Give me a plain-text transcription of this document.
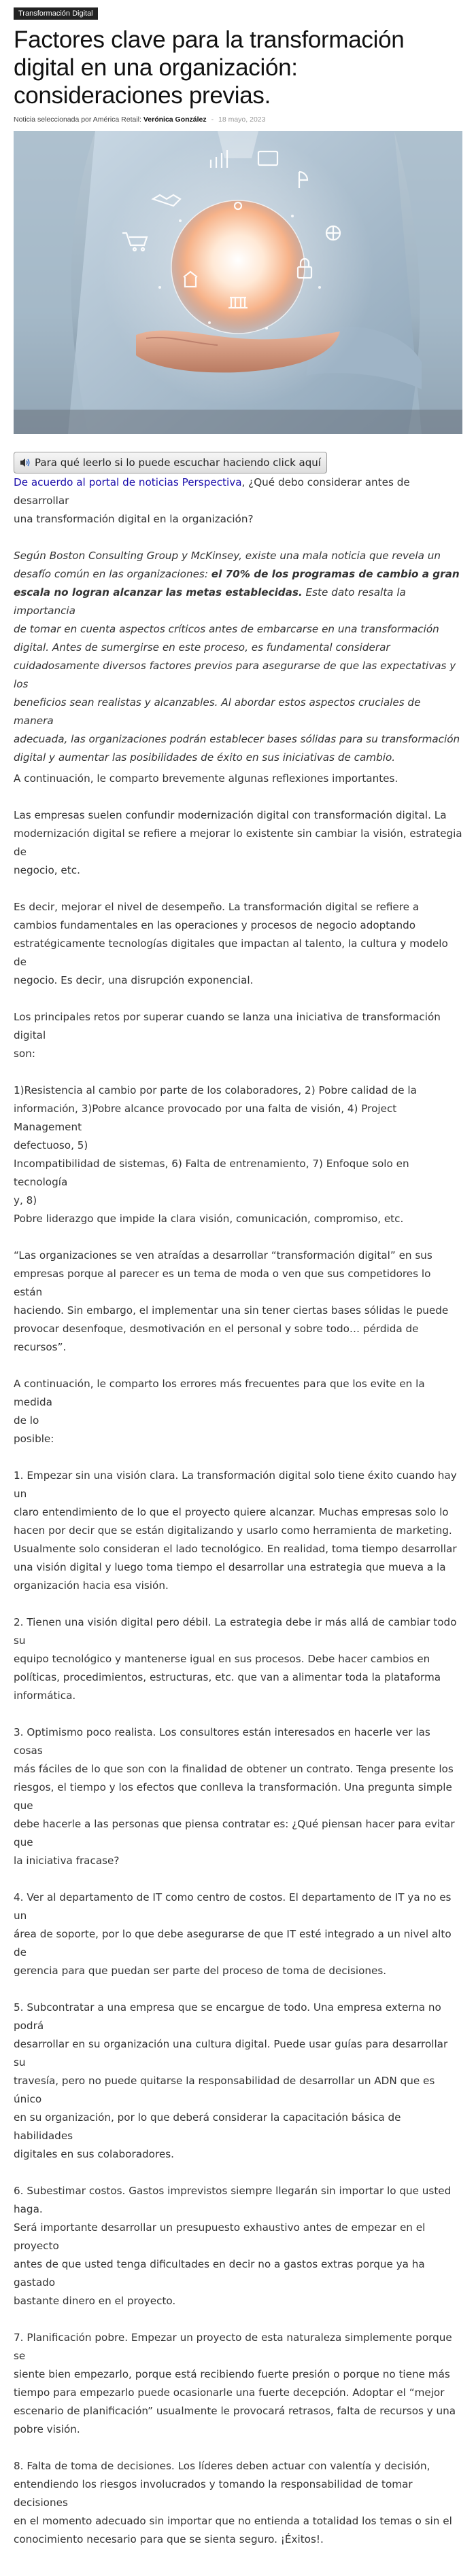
Transformación Digital
Factores clave para la transformación digital en una organización: consideraciones previas.
Noticia seleccionada por América Retail: Verónica González - 18 mayo, 2023
Para qué leerlo si lo puede escuchar haciendo click aquí

De acuerdo al portal de noticias Perspectiva, ¿Qué debo considerar antes de desarrollar

una transformación digital en la organización?

Según Boston Consulting Group y McKinsey, existe una mala noticia que revela un

desafío común en las organizaciones: el 70% de los programas de cambio a gran

escala no logran alcanzar las metas establecidas. Este dato resalta la importancia

de tomar en cuenta aspectos críticos antes de embarcarse en una transformación

digital. Antes de sumergirse en este proceso, es fundamental considerar

cuidadosamente diversos factores previos para asegurarse de que las expectativas y los

beneficios sean realistas y alcanzables. Al abordar estos aspectos cruciales de manera

adecuada, las organizaciones podrán establecer bases sólidas para su transformación

digital y aumentar las posibilidades de éxito en sus iniciativas de cambio.

A continuación, le comparto brevemente algunas reflexiones importantes.

Las empresas suelen confundir modernización digital con transformación digital. La

modernización digital se refiere a mejorar lo existente sin cambiar la visión, estrategia de

negocio, etc.

Es decir, mejorar el nivel de desempeño. La transformación digital se refiere a

cambios fundamentales en las operaciones y procesos de negocio adoptando

estratégicamente tecnologías digitales que impactan al talento, la cultura y modelo de

negocio. Es decir, una disrupción exponencial.

Los principales retos por superar cuando se lanza una iniciativa de transformación digital

son:

1)Resistencia al cambio por parte de los colaboradores, 2) Pobre calidad de la

información, 3)Pobre alcance provocado por una falta de visión, 4) Project Management

defectuoso, 5)

Incompatibilidad de sistemas, 6) Falta de entrenamiento, 7) Enfoque solo en tecnología

y, 8)

Pobre liderazgo que impide la clara visión, comunicación, compromiso, etc.

“Las organizaciones se ven atraídas a desarrollar “transformación digital” en sus

empresas porque al parecer es un tema de moda o ven que sus competidores lo están

haciendo. Sin embargo, el implementar una sin tener ciertas bases sólidas le puede

provocar desenfoque, desmotivación en el personal y sobre todo… pérdida de recursos”.

A continuación, le comparto los errores más frecuentes para que los evite en la medida

de lo

posible:

1. Empezar sin una visión clara. La transformación digital solo tiene éxito cuando hay un

claro entendimiento de lo que el proyecto quiere alcanzar. Muchas empresas solo lo

hacen por decir que se están digitalizando y usarlo como herramienta de marketing.

Usualmente solo consideran el lado tecnológico. En realidad, toma tiempo desarrollar

una visión digital y luego toma tiempo el desarrollar una estrategia que mueva a la

organización hacia esa visión.

2. Tienen una visión digital pero débil. La estrategia debe ir más allá de cambiar todo su

equipo tecnológico y mantenerse igual en sus procesos. Debe hacer cambios en

políticas, procedimientos, estructuras, etc. que van a alimentar toda la plataforma

informática.

3. Optimismo poco realista. Los consultores están interesados en hacerle ver las cosas

más fáciles de lo que son con la finalidad de obtener un contrato. Tenga presente los

riesgos, el tiempo y los efectos que conlleva la transformación. Una pregunta simple que

debe hacerle a las personas que piensa contratar es: ¿Qué piensan hacer para evitar que

la iniciativa fracase?

4. Ver al departamento de IT como centro de costos. El departamento de IT ya no es un

área de soporte, por lo que debe asegurarse de que IT esté integrado a un nivel alto de

gerencia para que puedan ser parte del proceso de toma de decisiones.

5. Subcontratar a una empresa que se encargue de todo. Una empresa externa no

podrá

desarrollar en su organización una cultura digital. Puede usar guías para desarrollar su

travesía, pero no puede quitarse la responsabilidad de desarrollar un ADN que es único

en su organización, por lo que deberá considerar la capacitación básica de habilidades

digitales en sus colaboradores.

6. Subestimar costos. Gastos imprevistos siempre llegarán sin importar lo que usted

haga.

Será importante desarrollar un presupuesto exhaustivo antes de empezar en el

proyecto

antes de que usted tenga dificultades en decir no a gastos extras porque ya ha gastado

bastante dinero en el proyecto.

7. Planificación pobre. Empezar un proyecto de esta naturaleza simplemente porque se

siente bien empezarlo, porque está recibiendo fuerte presión o porque no tiene más

tiempo para empezarlo puede ocasionarle una fuerte decepción. Adoptar el “mejor

escenario de planificación” usualmente le provocará retrasos, falta de recursos y una

pobre visión.

8. Falta de toma de decisiones. Los líderes deben actuar con valentía y decisión,

entendiendo los riesgos involucrados y tomando la responsabilidad de tomar decisiones

en el momento adecuado sin importar que no entienda a totalidad los temas o sin el

conocimiento necesario para que se sienta seguro. ¡Éxitos!.
